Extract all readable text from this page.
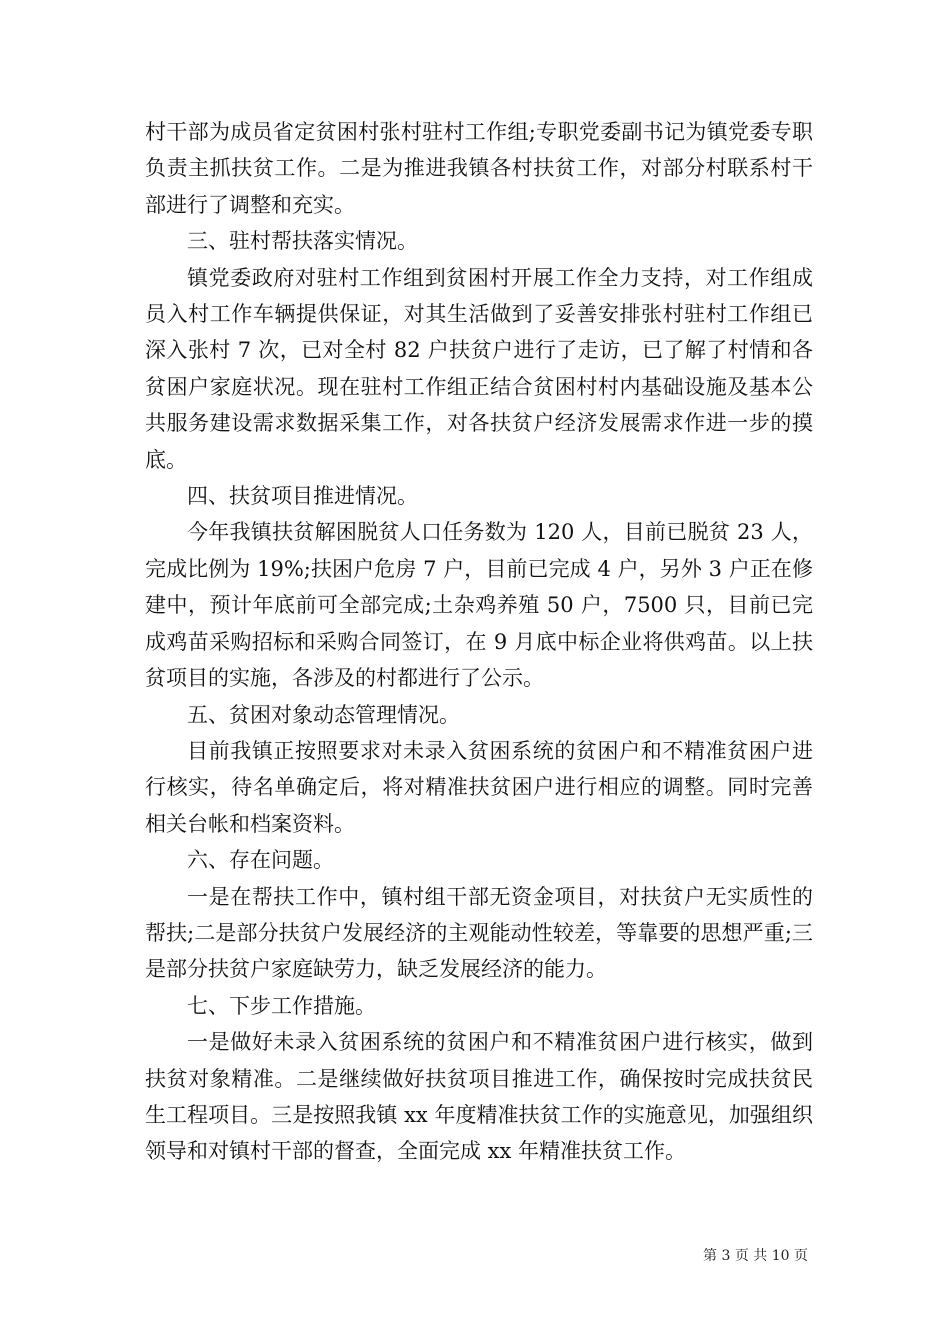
村干部为成员省定贫困村张村驻村工作组;专职党委副书记为镇党委专职负责主抓扶贫工作。二是为推进我镇各村扶贫工作，对部分村联系村干部进行了调整和充实。

三、驻村帮扶落实情况。

镇党委政府对驻村工作组到贫困村开展工作全力支持，对工作组成员入村工作车辆提供保证，对其生活做到了妥善安排张村驻村工作组已深入张村 7 次，已对全村 82 户扶贫户进行了走访，已了解了村情和各贫困户家庭状况。现在驻村工作组正结合贫困村村内基础设施及基本公共服务建设需求数据采集工作，对各扶贫户经济发展需求作进一步的摸底。

四、扶贫项目推进情况。

今年我镇扶贫解困脱贫人口任务数为 120 人，目前已脱贫 23 人，完成比例为 19%;扶困户危房 7 户，目前已完成 4 户，另外 3 户正在修建中，预计年底前可全部完成;土杂鸡养殖 50 户，7500 只，目前已完成鸡苗采购招标和采购合同签订，在 9 月底中标企业将供鸡苗。以上扶贫项目的实施，各涉及的村都进行了公示。

五、贫困对象动态管理情况。

目前我镇正按照要求对未录入贫困系统的贫困户和不精准贫困户进行核实，待名单确定后，将对精准扶贫困户进行相应的调整。同时完善相关台帐和档案资料。

六、存在问题。

一是在帮扶工作中，镇村组干部无资金项目，对扶贫户无实质性的帮扶;二是部分扶贫户发展经济的主观能动性较差，等靠要的思想严重;三是部分扶贫户家庭缺劳力，缺乏发展经济的能力。

七、下步工作措施。

一是做好未录入贫困系统的贫困户和不精准贫困户进行核实，做到扶贫对象精准。二是继续做好扶贫项目推进工作，确保按时完成扶贫民生工程项目。三是按照我镇 xx 年度精准扶贫工作的实施意见，加强组织领导和对镇村干部的督查，全面完成 xx 年精准扶贫工作。

第 3 页 共 10 页
